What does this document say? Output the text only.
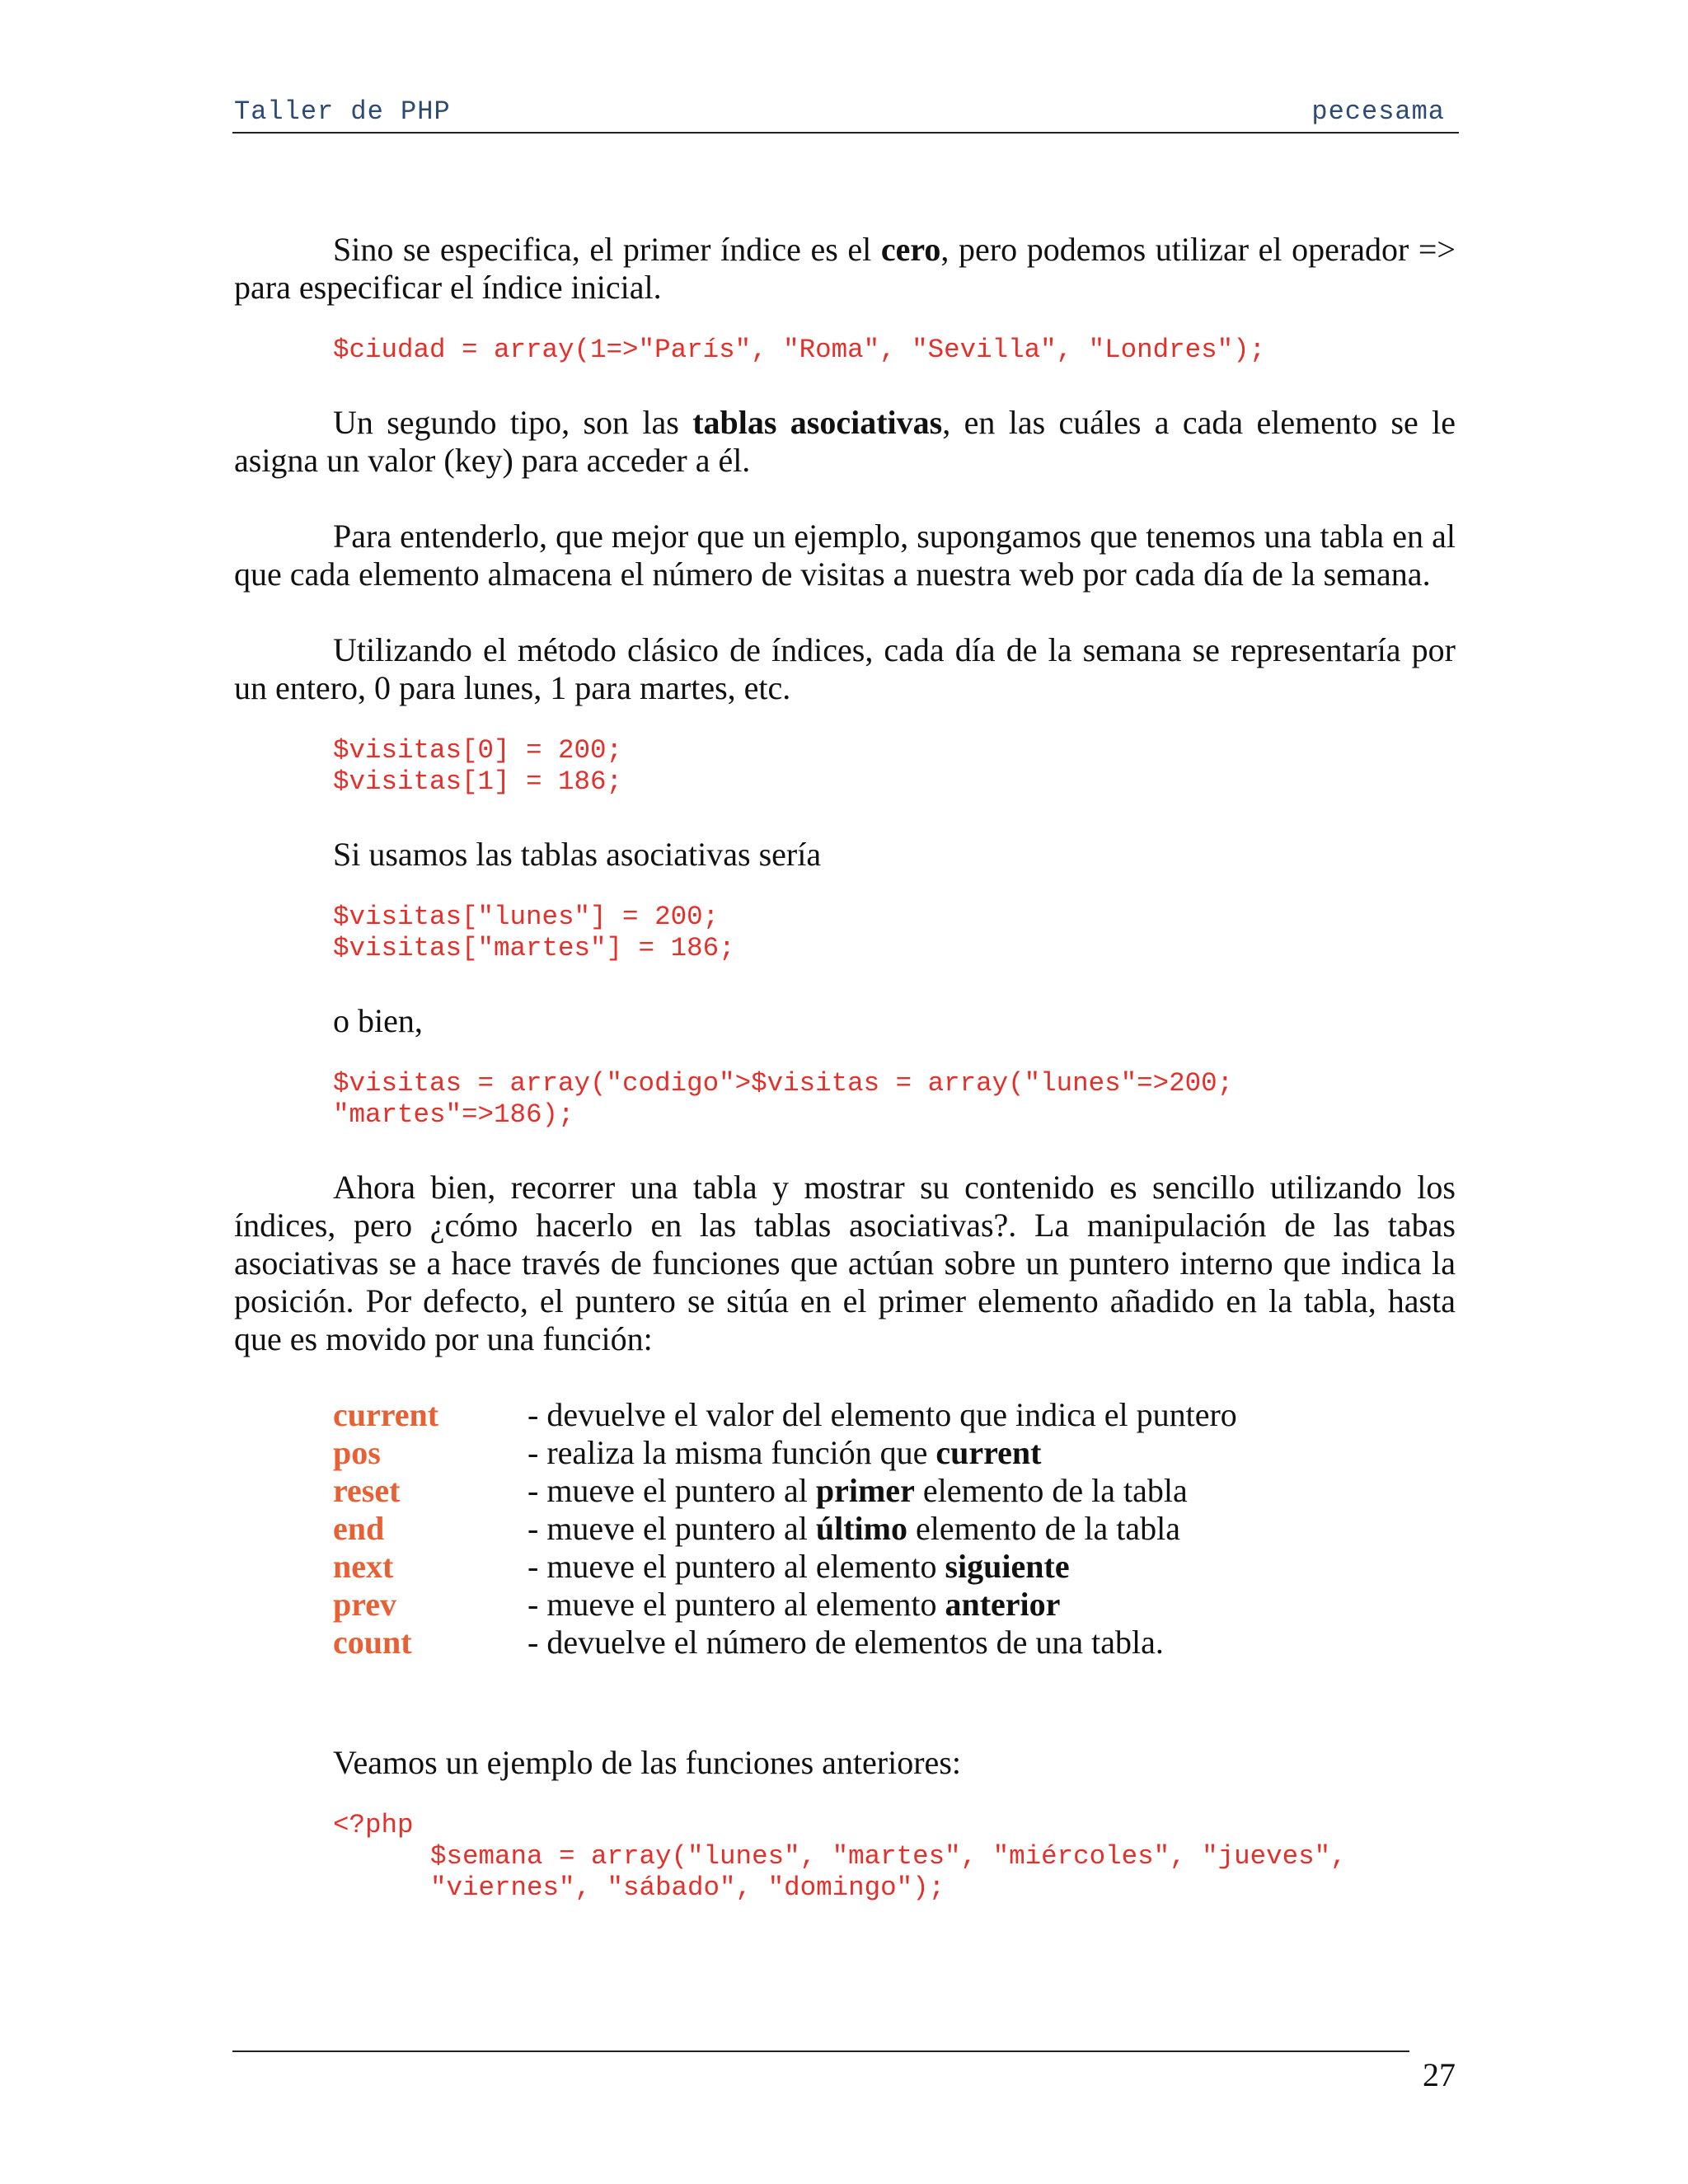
Taller de PHP	pecesama

Sino se especifica, el primer índice es el cero, pero podemos utilizar el operador => para especificar el índice inicial.

$ciudad = array(1=>"París", "Roma", "Sevilla", "Londres");

Un segundo tipo, son las tablas asociativas, en las cuáles a cada elemento se le asigna un valor (key) para acceder a él.

Para entenderlo, que mejor que un ejemplo, supongamos que tenemos una tabla en al que cada elemento almacena el número de visitas a nuestra web por cada día de la semana.

Utilizando el método clásico de índices, cada día de la semana se representaría por un entero, 0 para lunes, 1 para martes, etc.

$visitas[0] = 200;
$visitas[1] = 186;

Si usamos las tablas asociativas sería

$visitas["lunes"] = 200;
$visitas["martes"] = 186;

o bien,

$visitas = array("codigo">$visitas = array("lunes"=>200;
"martes"=>186);

Ahora bien, recorrer una tabla y mostrar su contenido es sencillo utilizando los índices, pero ¿cómo hacerlo en las tablas asociativas?. La manipulación de las tabas asociativas se a hace través de funciones que actúan sobre un puntero interno que indica la posición. Por defecto, el puntero se sitúa en el primer elemento añadido en la tabla, hasta que es movido por una función:

current	- devuelve el valor del elemento que indica el puntero
pos	- realiza la misma función que current
reset	- mueve el puntero al primer elemento de la tabla
end	- mueve el puntero al último elemento de la tabla
next	- mueve el puntero al elemento siguiente
prev	- mueve el puntero al elemento anterior
count	- devuelve el número de elementos de una tabla.

Veamos un ejemplo de las funciones anteriores:

<?php
$semana = array("lunes", "martes", "miércoles", "jueves",
"viernes", "sábado", "domingo");
27
